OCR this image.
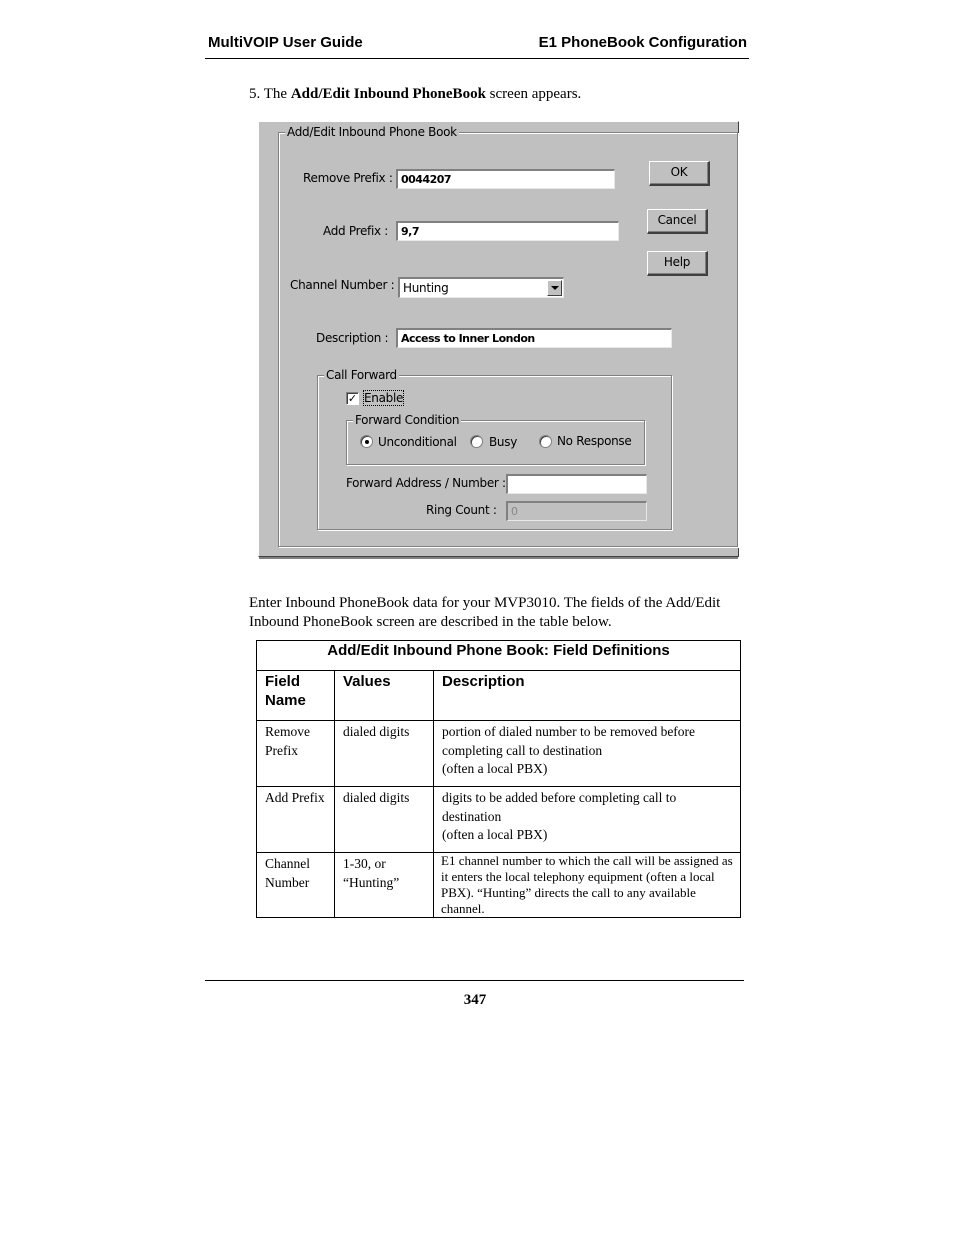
MultiVOIP User Guide	E1 PhoneBook Configuration
5. The Add/Edit Inbound PhoneBook screen appears.
Add/Edit Inbound Phone Book
Remove Prefix : 0044207
Add Prefix :	9,7
Channel Number : Hunting
Description :	Access to Inner London
OK
Cancel
Help
Call Forward
✓ Enable
Forward Condition
Unconditional	Busy	No Response
Forward Address / Number :
Ring Count :	0
Enter Inbound PhoneBook data for your MVP3010. The fields of the Add/Edit Inbound PhoneBook screen are described in the table below.
Add/Edit Inbound Phone Book: Field Definitions		
Field Name	Values	Description
Remove Prefix	dialed digits	portion of dialed number to be removed before completing call to destination
(often a local PBX)

Add Prefix	dialed digits	digits to be added before completing call to destination
(often a local PBX)

Channel Number	1-30, or “Hunting”	E1 channel number to which the call will be assigned as it enters the local telephony equipment (often a local PBX). “Hunting” directs the call to any available channel.
347
